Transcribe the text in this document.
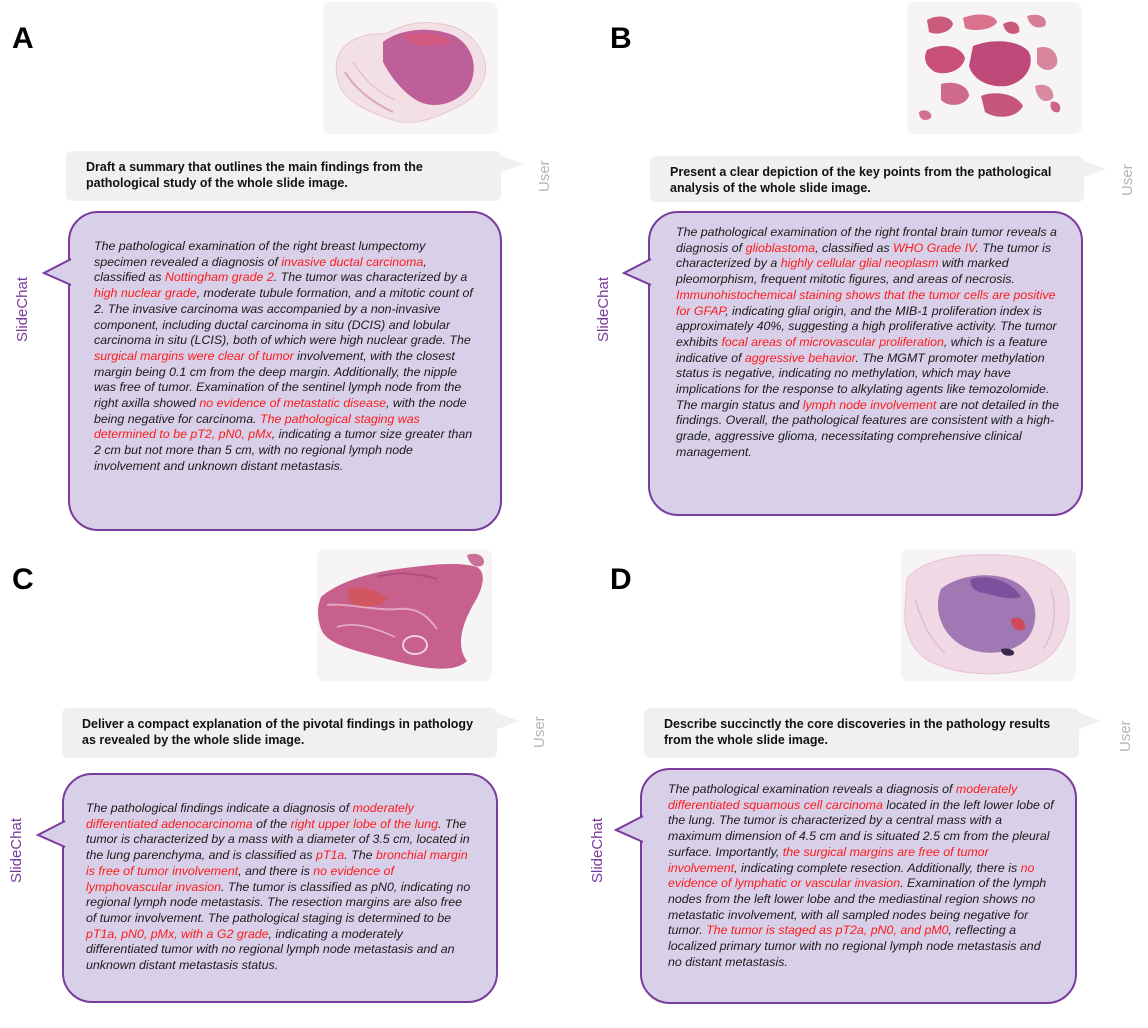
A
Draft a summary that outlines the main findings from the pathological study of the whole slide image.	User
SlideChat
The pathological examination of the right breast lumpectomy specimen revealed a diagnosis of invasive ductal carcinoma, classified as Nottingham grade 2. The tumor was characterized by a high nuclear grade, moderate tubule formation, and a mitotic count of 2. The invasive carcinoma was accompanied by a non-invasive component, including ductal carcinoma in situ (DCIS) and lobular carcinoma in situ (LCIS), both of which were high nuclear grade. The surgical margins were clear of tumor involvement, with the closest margin being 0.1 cm from the deep margin. Additionally, the nipple was free of tumor. Examination of the sentinel lymph node from the right axilla showed no evidence of metastatic disease, with the node being negative for carcinoma. The pathological staging was determined to be pT2, pN0, pMx, indicating a tumor size greater than 2 cm but not more than 5 cm, with no regional lymph node involvement and unknown distant metastasis.
B
Present a clear depiction of the key points from the pathological analysis of the whole slide image.	User
SlideChat
The pathological examination of the right frontal brain tumor reveals a diagnosis of glioblastoma, classified as WHO Grade IV. The tumor is characterized by a highly cellular glial neoplasm with marked pleomorphism, frequent mitotic figures, and areas of necrosis. Immunohistochemical staining shows that the tumor cells are positive for GFAP, indicating glial origin, and the MIB-1 proliferation index is approximately 40%, suggesting a high proliferative activity. The tumor exhibits focal areas of microvascular proliferation, which is a feature indicative of aggressive behavior. The MGMT promoter methylation status is negative, indicating no methylation, which may have implications for the response to alkylating agents like temozolomide. The margin status and lymph node involvement are not detailed in the findings. Overall, the pathological features are consistent with a high-grade, aggressive glioma, necessitating comprehensive clinical management.
C
Deliver a compact explanation of the pivotal findings in pathology as revealed by the whole slide image.	User
SlideChat
The pathological findings indicate a diagnosis of moderately differentiated adenocarcinoma of the right upper lobe of the lung. The tumor is characterized by a mass with a diameter of 3.5 cm, located in the lung parenchyma, and is classified as pT1a. The bronchial margin is free of tumor involvement, and there is no evidence of lymphovascular invasion. The tumor is classified as pN0, indicating no regional lymph node metastasis. The resection margins are also free of tumor involvement. The pathological staging is determined to be pT1a, pN0, pMx, with a G2 grade, indicating a moderately differentiated tumor with no regional lymph node metastasis and an unknown distant metastasis status.
D
Describe succinctly the core discoveries in the pathology results from the whole slide image.	User
SlideChat
The pathological examination reveals a diagnosis of moderately differentiated squamous cell carcinoma located in the left lower lobe of the lung. The tumor is characterized by a central mass with a maximum dimension of 4.5 cm and is situated 2.5 cm from the pleural surface. Importantly, the surgical margins are free of tumor involvement, indicating complete resection. Additionally, there is no evidence of lymphatic or vascular invasion. Examination of the lymph nodes from the left lower lobe and the mediastinal region shows no metastatic involvement, with all sampled nodes being negative for tumor. The tumor is staged as pT2a, pN0, and pM0, reflecting a localized primary tumor with no regional lymph node metastasis and no distant metastasis.
